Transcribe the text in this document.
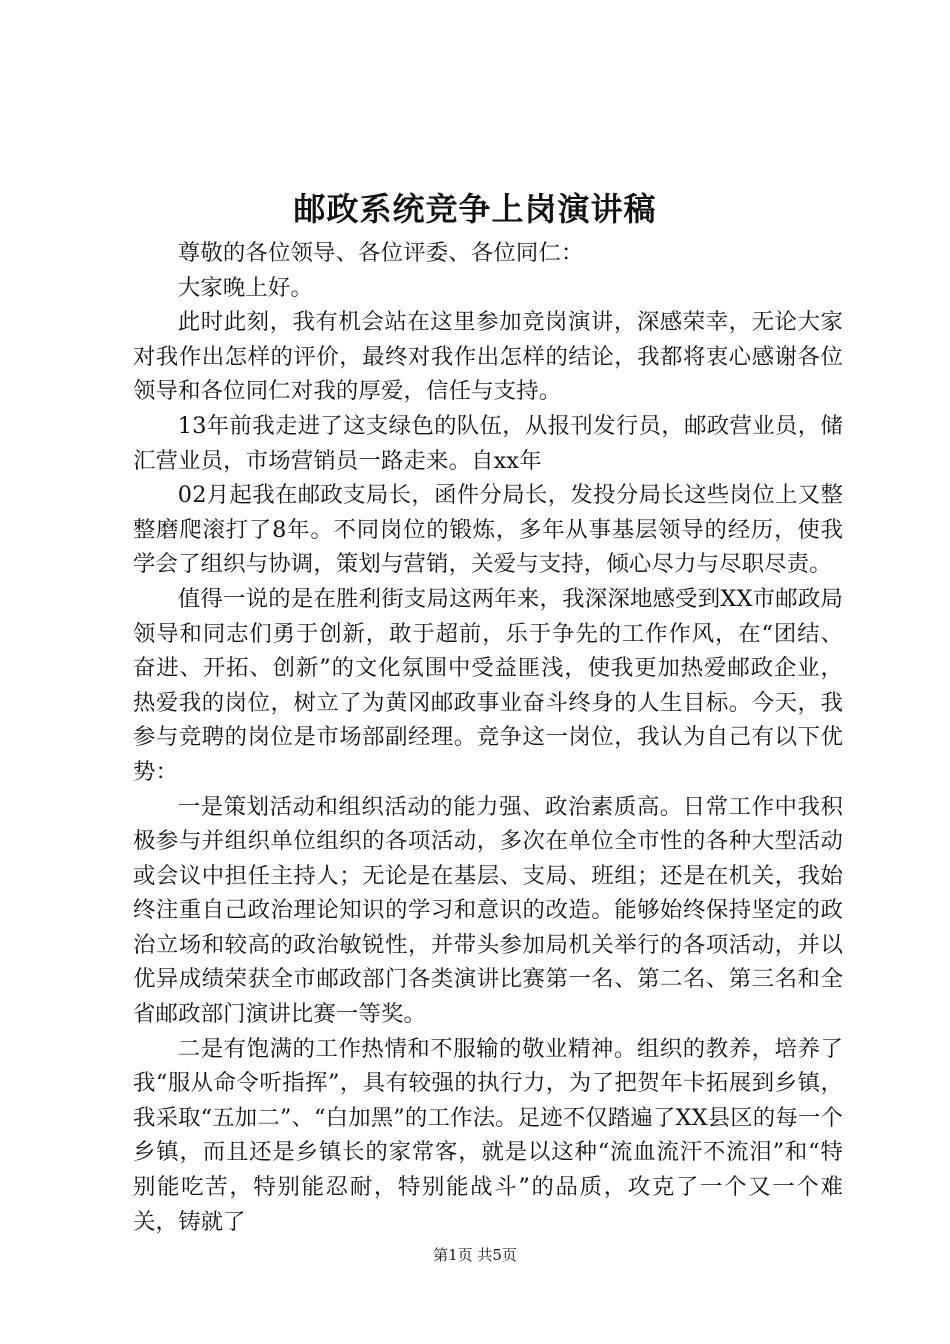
邮政系统竞争上岗演讲稿

尊敬的各位领导、各位评委、各位同仁：

大家晚上好。

此时此刻，我有机会站在这里参加竞岗演讲，深感荣幸，无论大家对我作出怎样的评价，最终对我作出怎样的结论，我都将衷心感谢各位领导和各位同仁对我的厚爱，信任与支持。

13年前我走进了这支绿色的队伍，从报刊发行员，邮政营业员，储汇营业员，市场营销员一路走来。自xx年

02月起我在邮政支局长，函件分局长，发投分局长这些岗位上又整整磨爬滚打了8年。不同岗位的锻炼，多年从事基层领导的经历，使我学会了组织与协调，策划与营销，关爱与支持，倾心尽力与尽职尽责。

值得一说的是在胜利街支局这两年来，我深深地感受到XX市邮政局领导和同志们勇于创新，敢于超前，乐于争先的工作作风，在“团结、奋进、开拓、创新”的文化氛围中受益匪浅，使我更加热爱邮政企业，热爱我的岗位，树立了为黄冈邮政事业奋斗终身的人生目标。今天，我参与竞聘的岗位是市场部副经理。竞争这一岗位，我认为自己有以下优势：

一是策划活动和组织活动的能力强、政治素质高。日常工作中我积极参与并组织单位组织的各项活动，多次在单位全市性的各种大型活动或会议中担任主持人；无论是在基层、支局、班组；还是在机关，我始终注重自己政治理论知识的学习和意识的改造。能够始终保持坚定的政治立场和较高的政治敏锐性，并带头参加局机关举行的各项活动，并以优异成绩荣获全市邮政部门各类演讲比赛第一名、第二名、第三名和全省邮政部门演讲比赛一等奖。

二是有饱满的工作热情和不服输的敬业精神。组织的教养，培养了我“服从命令听指挥”，具有较强的执行力，为了把贺年卡拓展到乡镇，我采取“五加二”、“白加黑”的工作法。足迹不仅踏遍了XX县区的每一个乡镇，而且还是乡镇长的家常客，就是以这种“流血流汗不流泪”和“特别能吃苦，特别能忍耐，特别能战斗”的品质，攻克了一个又一个难关，铸就了

第1页 共5页
